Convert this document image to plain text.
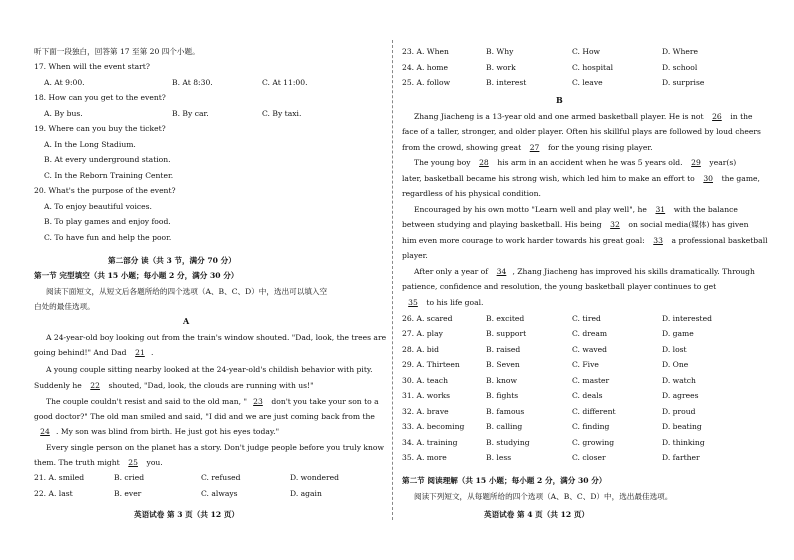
听下面一段独白，回答第 17 至第 20 四个小题。
17. When will the event start?
A. At 9:00.	B. At 8:30.	C. At 11:00.
18. How can you get to the event?
A. By bus.	B. By car.	C. By taxi.
19. Where can you buy the ticket?
A. In the Long Stadium.
B. At every underground station.
C. In the Reborn Training Center.
20. What's the purpose of the event?
A. To enjoy beautiful voices.
B. To play games and enjoy food.
C. To have fun and help the poor.
第二部分 读（共 3 节，满分 70 分）
第一节 完型填空（共 15 小题；每小题 2 分，满分 30 分）
阅读下面短文，从短文后各题所给的四个选项（A、B、C、D）中，选出可以填入空
白处的最佳选项。
A
A 24-year-old boy looking out from the train's window shouted. "Dad, look, the trees are
going behind!" And Dad 21 .
A young couple sitting nearby looked at the 24-year-old's childish behavior with pity.
Suddenly he 22 shouted, "Dad, look, the clouds are running with us!"
The couple couldn't resist and said to the old man, " 23 don't you take your son to a
good doctor?" The old man smiled and said, "I did and we are just coming back from the
24 . My son was blind from birth. He just got his eyes today."
Every single person on the planet has a story. Don't judge people before you truly know
them. The truth might 25 you.
21. A. smiled	B. cried	C. refused	D. wondered
22. A. last	B. ever	C. always	D. again
英语试卷 第 3 页（共 12 页）
23. A. When	B. Why	C. How	D. Where
24. A. home	B. work	C. hospital	D. school
25. A. follow	B. interest	C. leave	D. surprise
B
Zhang Jiacheng is a 13-year old and one armed basketball player. He is not 26 in the
face of a taller, stronger, and older player. Often his skillful plays are followed by loud cheers
from the crowd, showing great 27 for the young rising player.
The young boy 28 his arm in an accident when he was 5 years old. 29 year(s)
later, basketball became his strong wish, which led him to make an effort to 30 the game,
regardless of his physical condition.
Encouraged by his own motto "Learn well and play well", he 31 with the balance
between studying and playing basketball. His being 32 on social media(媒体) has given
him even more courage to work harder towards his great goal: 33 a professional basketball
player.
After only a year of 34 , Zhang Jiacheng has improved his skills dramatically. Through
patience, confidence and resolution, the young basketball player continues to get
35 to his life goal.
26. A. scared	B. excited	C. tired	D. interested
27. A. play	B. support	C. dream	D. game
28. A. bid	B. raised	C. waved	D. lost
29. A. Thirteen	B. Seven	C. Five	D. One
30. A. teach	B. know	C. master	D. watch
31. A. works	B. fights	C. deals	D. agrees
32. A. brave	B. famous	C. different	D. proud
33. A. becoming	B. calling	C. finding	D. beating
34. A. training	B. studying	C. growing	D. thinking
35. A. more	B. less	C. closer	D. farther
第二节 阅读理解（共 15 小题；每小题 2 分，满分 30 分）
阅读下列短文，从每题所给的四个选项（A、B、C、D）中，选出最佳选项。
英语试卷 第 4 页（共 12 页）
